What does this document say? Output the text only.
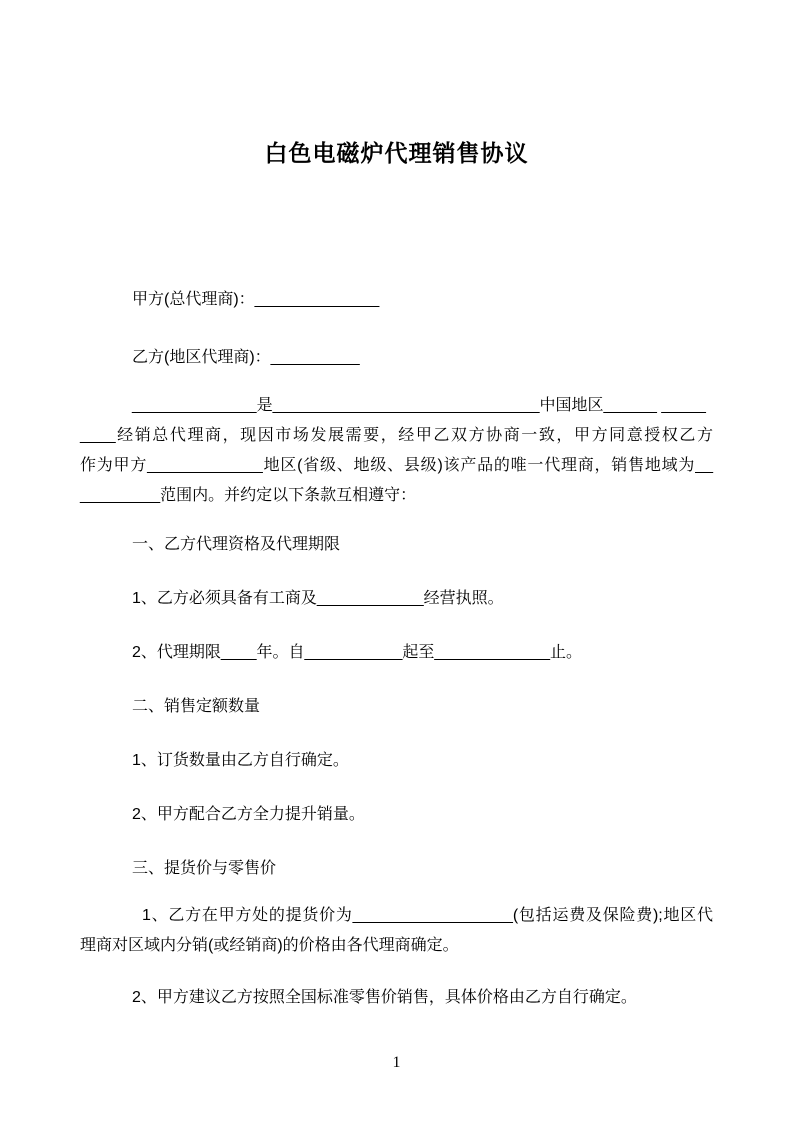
白色电磁炉代理销售协议
甲方(总代理商)：______________
乙方(地区代理商)：__________
______________是______________________________中国地区______ _____
____经销总代理商，现因市场发展需要，经甲乙双方协商一致，甲方同意授权乙方
作为甲方_____________地区(省级、地级、县级)该产品的唯一代理商，销售地域为__
_________范围内。并约定以下条款互相遵守：
一、乙方代理资格及代理期限
1、乙方必须具备有工商及____________经营执照。
2、代理期限____年。自___________起至_____________止。
二、销售定额数量
1、订货数量由乙方自行确定。
2、甲方配合乙方全力提升销量。
三、提货价与零售价
1、乙方在甲方处的提货价为__________________(包括运费及保险费);地区代
理商对区域内分销(或经销商)的价格由各代理商确定。
2、甲方建议乙方按照全国标准零售价销售，具体价格由乙方自行确定。
1
